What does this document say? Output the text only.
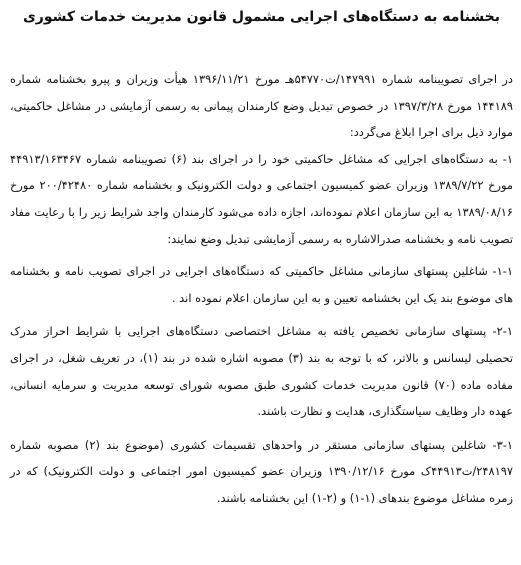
بخشنامه به دستگاه‌های اجرایی مشمول قانون مدیریت خدمات کشوری

در اجرای تصویبنامه شماره ۱۴۷۹۹۱/ت۵۴۷۷۰هـ مورخ ۱۳۹۶/۱۱/۲۱ هیأت وزیران و پیرو بخشنامه شماره ۱۴۴۱۸۹ مورخ ۱۳۹۷/۳/۲۸ در خصوص تبدیل وضع کارمندان پیمانی به رسمی آزمایشی در مشاغل حاکمیتی، موارد ذیل برای اجرا ابلاغ می‌گردد:

۱- به دستگاه‌های اجرایی که مشاغل حاکمیتی خود را در اجرای بند (۶) تصویبنامه شماره ۴۴۹۱۳/۱۶۳۴۶۷ مورخ ۱۳۸۹/۷/۲۲ وزیران عضو کمیسیون اجتماعی و دولت الکترونیک و بخشنامه شماره ۲۰۰/۴۲۴۸۰ مورخ ۱۳۸۹/۰۸/۱۶ به این سازمان اعلام نموده‌اند، اجازه داده می‌شود کارمندان واجد شرایط زیر را با رعایت مفاد تصویب نامه و بخشنامه صدرالاشاره به رسمی آزمایشی تبدیل وضع نمایند:

۱-۱- شاغلین پستهای سازمانی مشاغل حاکمیتی که دستگاه‌های اجرایی در اجرای تصویب نامه و بخشنامه های موضوع بند یک این بخشنامه تعیین و به این سازمان اعلام نموده اند .

۲-۱- پستهای سازمانی تخصیص یافته به مشاغل اختصاصی دستگاه‌های اجرایی با شرایط احراز مدرک تحصیلی لیسانس و بالاتر، که با توجه به بند (۳) مصوبه اشاره شده در بند (۱)، در تعریف شغل، در اجرای مفاده ماده (۷۰) قانون مدیریت خدمات کشوری طبق مصوبه شورای توسعه مدیریت و سرمایه انسانی، عهده دار وظایف سیاستگذاری، هدایت و نظارت باشند.

۳-۱- شاغلین پستهای سازمانی مستقر در واحدهای تقسیمات کشوری (موضوع بند (۲) مصوبه شماره ۲۴۸۱۹۷/ت۴۴۹۱۳ک مورخ ۱۳۹۰/۱۲/۱۶ وزیران عضو کمیسیون امور اجتماعی و دولت الکترونیک) که در زمره مشاغل موضوع بندهای (۱-۱) و (۲-۱) این بخشنامه باشند.
